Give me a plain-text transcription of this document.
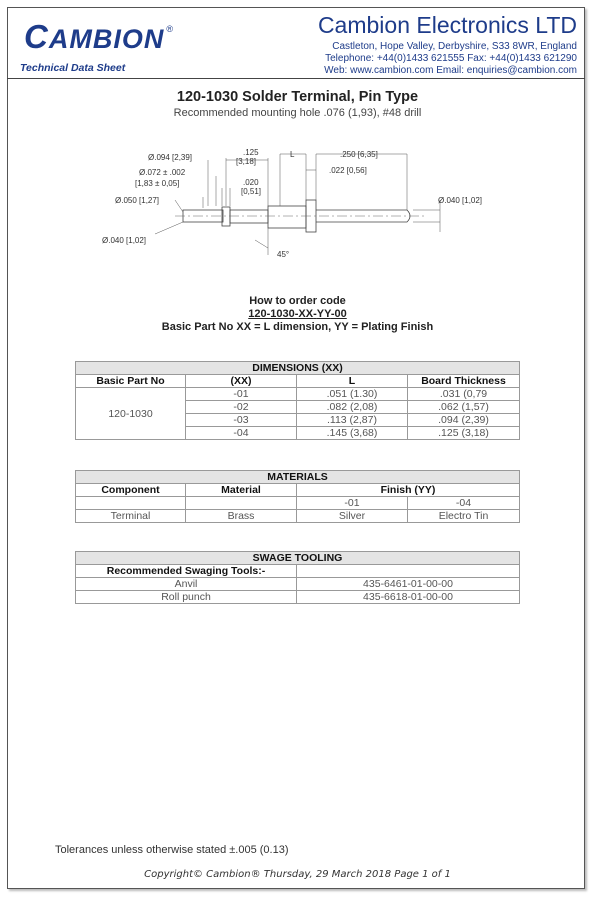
CAMBION ®
Technical Data Sheet
Cambion Electronics LTD
Castleton, Hope Valley, Derbyshire, S33 8WR, England
Telephone: +44(0)1433 621555 Fax: +44(0)1433 621290
Web: www.cambion.com Email: enquiries@cambion.com
120-1030 Solder Terminal, Pin Type
Recommended mounting hole .076 (1,93), #48 drill
Ø.094 [2,39]
Ø.072 ± .002
[1,83 ± 0,05]
Ø.050 [1,27]
Ø.040 [1,02]
.125
[3,18]
.020
[0,51]
L	.250 [6,35]
.022 [0,56]
Ø.040 [1,02]
45°
How to order code
120-1030-XX-YY-00
Basic Part No XX = L dimension, YY = Plating Finish
DIMENSIONS (XX)			
Basic Part No	(XX)	L	Board Thickness
120-1030	-01	.051 (1.30)	.031 (0,79
	-02	.082 (2,08)	.062 (1,57)
	-03	.113 (2,87)	.094 (2,39)
	-04	.145 (3,68)	.125 (3,18)
MATERIALS			
Component	Material	Finish (YY)	
		-01	-04
Terminal	Brass	Silver	Electro Tin
SWAGE TOOLING	
Recommended Swaging Tools:-	
Anvil	435-6461-01-00-00
Roll punch	435-6618-01-00-00
Tolerances unless otherwise stated ±.005 (0.13)
Copyright© Cambion® Thursday, 29 March 2018 Page 1 of 1
